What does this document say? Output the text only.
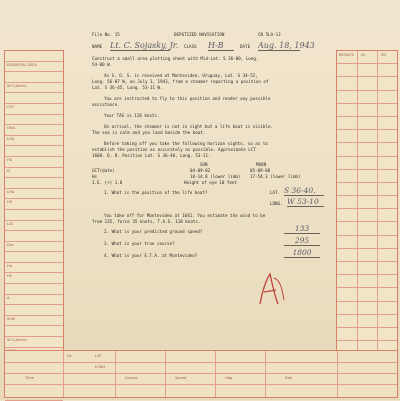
ESSENTIAL DATA
W.T.(Amer)
COT
GHA
LHA
HS
IC
LHA
HS
LAT
Dec
Ho
HC
A
SUM
W.T.(Amer)
RESULTS Hc	ZN
Hc	LAT
LONG
Time	Course	Speed	Hdg	Dist
File No. 15	DEPUTIZED NAVIGATION	CN 5LA-13
NAME Lt. C. Sojasky, Jr. CLASS H-B	DATE Aug. 18, 1943
Construct a small area plotting sheet with Mid-Lat. S 36-00, Long.
54-00 W.
An S. O. S. is received at Montevideo, Uruguay, Lat. S 34-52,
Long. 56-07 W, on July 1, 1943, from a steamer reporting a position of
Lat. S 36-45, Long. 53-11 W.
You are instructed to fly to this position and render any possible
assistance.
Your TAS is 118 knots.
On arrival, the steamer is not in sight but a life boat is visible.
The sea is calm and you land beside the boat.
Before taking off you take the following horizon sights, so as to
establish the position as accurately as possible. Approximate LCT
1600. D. R. Position Lat. S 36-40, Long. 53-11.
SUN	MOON
GCT(date)	04-09-02	05-09-08
Hs	18-14.8 (lower limb) 17-54.3 (lower limb)
I.E. (+) 1.8	Height of eye 10 feet
1. What is the position of the life boat?	LAT. S 36-40.
LONG. W 53-10
You take off for Montevideo at 1641. You estimate the wind to be
from 135, force 35 knots, T.A.S. 118 knots.
2. What is your predicted ground speed?	133
3. What is your true course?	295
4. What is your E.T.A. at Montevideo?	1800
